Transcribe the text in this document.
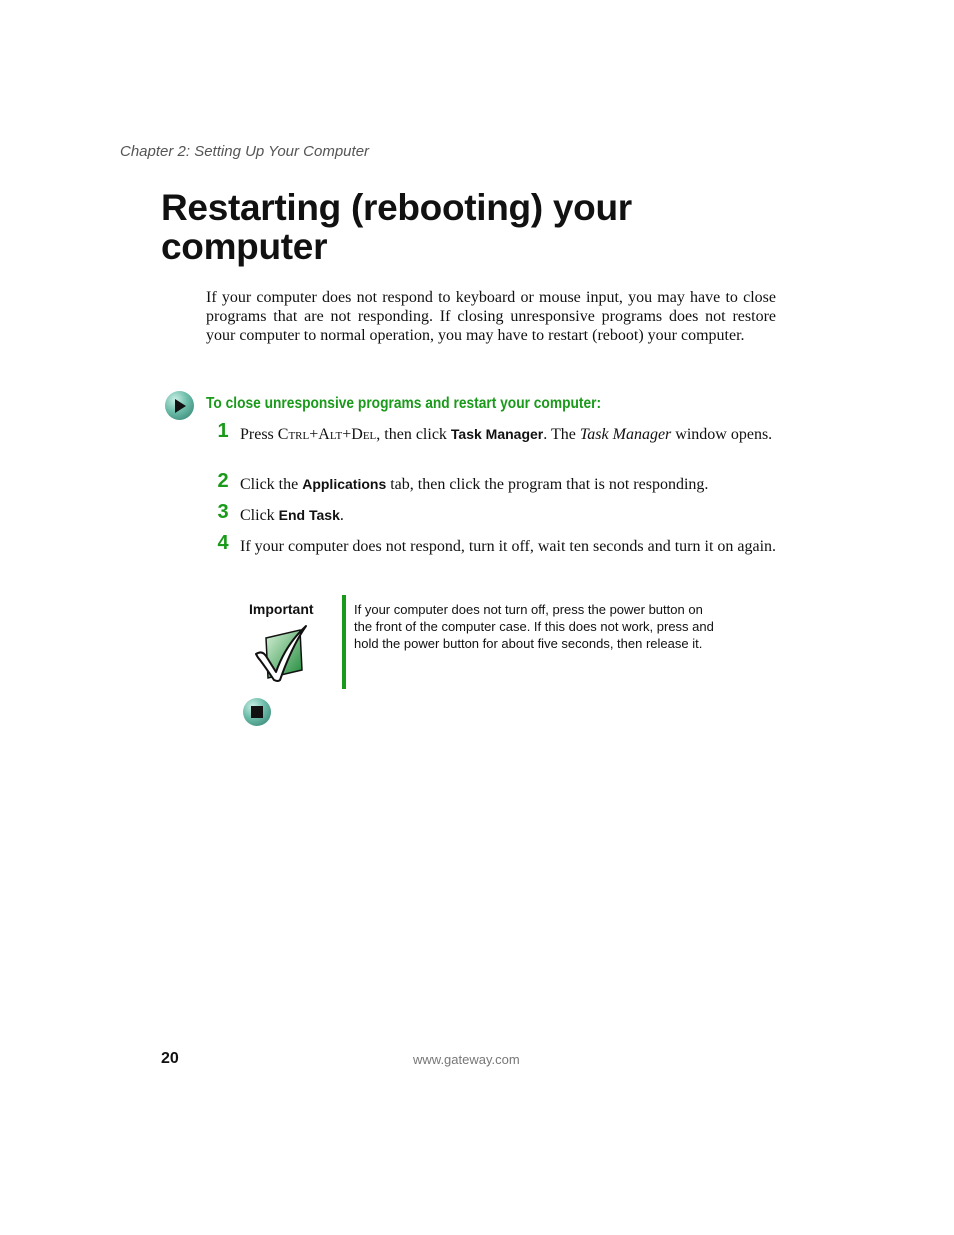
Chapter 2: Setting Up Your Computer
Restarting (rebooting) your computer

If your computer does not respond to keyboard or mouse input, you may have to close programs that are not responding. If closing unresponsive programs does not restore your computer to normal operation, you may have to restart (reboot) your computer.

To close unresponsive programs and restart your computer:
1 Press Ctrl+Alt+Del, then click Task Manager. The Task Manager window opens.

2 Click the Applications tab, then click the program that is not responding.

3 Click End Task.

4 If your computer does not respond, turn it off, wait ten seconds and turn it on again.

Important	If your computer does not turn off, press the power button on the front of the computer case. If this does not work, press and hold the power button for about five seconds, then release it.

20	www.gateway.com
